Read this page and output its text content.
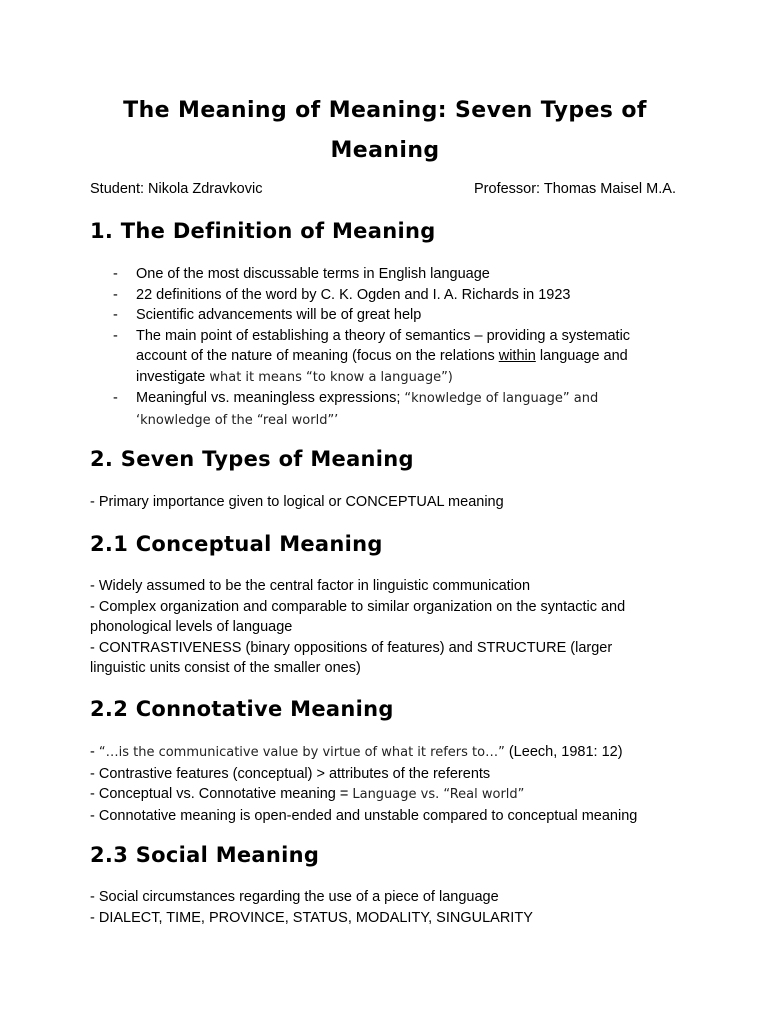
The Meaning of Meaning: Seven Types of Meaning
Student: Nikola Zdravkovic	Professor: Thomas Maisel M.A.
1. The Definition of Meaning
- One of the most discussable terms in English language
- 22 definitions of the word by C. K. Ogden and I. A. Richards in 1923
- Scientific advancements will be of great help
- The main point of establishing a theory of semantics – providing a systematic account of the nature of meaning (focus on the relations within language and investigate what it means “to know a language”)
- Meaningful vs. meaningless expressions; “knowledge of language” and ‘knowledge of the “real world”’
2. Seven Types of Meaning
- Primary importance given to logical or CONCEPTUAL meaning
2.1 Conceptual Meaning
- Widely assumed to be the central factor in linguistic communication
- Complex organization and comparable to similar organization on the syntactic and phonological levels of language
- CONTRASTIVENESS (binary oppositions of features) and STRUCTURE (larger linguistic units consist of the smaller ones)
2.2 Connotative Meaning
- “…is the communicative value by virtue of what it refers to…” (Leech, 1981: 12)
- Contrastive features (conceptual) > attributes of the referents
- Conceptual vs. Connotative meaning = Language vs. “Real world”
- Connotative meaning is open-ended and unstable compared to conceptual meaning
2.3 Social Meaning
- Social circumstances regarding the use of a piece of language
- DIALECT, TIME, PROVINCE, STATUS, MODALITY, SINGULARITY
